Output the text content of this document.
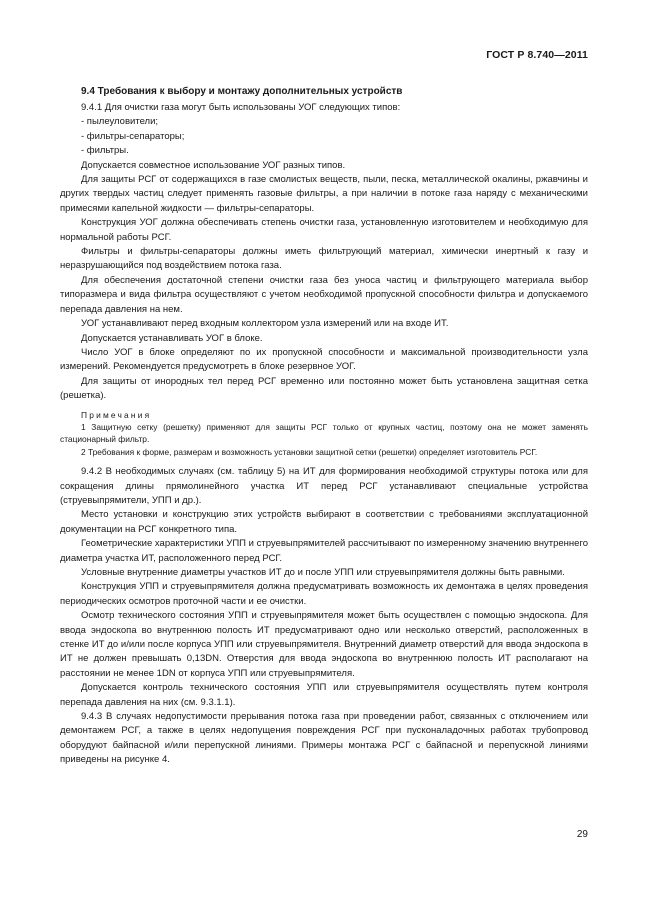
ГОСТ Р 8.740—2011
9.4 Требования к выбору и монтажу дополнительных устройств

9.4.1 Для очистки газа могут быть использованы УОГ следующих типов:

- пылеуловители;

- фильтры-сепараторы;

- фильтры.

Допускается совместное использование УОГ разных типов.

Для защиты РСГ от содержащихся в газе смолистых веществ, пыли, песка, металлической окалины, ржавчины и других твердых частиц следует применять газовые фильтры, а при наличии в потоке газа наряду с механическими примесями капельной жидкости — фильтры-сепараторы.

Конструкция УОГ должна обеспечивать степень очистки газа, установленную изготовителем и необходимую для нормальной работы РСГ.

Фильтры и фильтры-сепараторы должны иметь фильтрующий материал, химически инертный к газу и неразрушающийся под воздействием потока газа.

Для обеспечения достаточной степени очистки газа без уноса частиц и фильтрующего материала выбор типоразмера и вида фильтра осуществляют с учетом необходимой пропускной способности фильтра и допускаемого перепада давления на нем.

УОГ устанавливают перед входным коллектором узла измерений или на входе ИТ.

Допускается устанавливать УОГ в блоке.

Число УОГ в блоке определяют по их пропускной способности и максимальной производительности узла измерений. Рекомендуется предусмотреть в блоке резервное УОГ.

Для защиты от инородных тел перед РСГ временно или постоянно может быть установлена защитная сетка (решетка).

Примечания

1 Защитную сетку (решетку) применяют для защиты РСГ только от крупных частиц, поэтому она не может заменять стационарный фильтр.

2 Требования к форме, размерам и возможность установки защитной сетки (решетки) определяет изготовитель РСГ.

9.4.2 В необходимых случаях (см. таблицу 5) на ИТ для формирования необходимой структуры потока или для сокращения длины прямолинейного участка ИТ перед РСГ устанавливают специальные устройства (струевыпрямители, УПП и др.).

Место установки и конструкцию этих устройств выбирают в соответствии с требованиями эксплуатационной документации на РСГ конкретного типа.

Геометрические характеристики УПП и струевыпрямителей рассчитывают по измеренному значению внутреннего диаметра участка ИТ, расположенного перед РСГ.

Условные внутренние диаметры участков ИТ до и после УПП или струевыпрямителя должны быть равными.

Конструкция УПП и струевыпрямителя должна предусматривать возможность их демонтажа в целях проведения периодических осмотров проточной части и ее очистки.

Осмотр технического состояния УПП и струевыпрямителя может быть осуществлен с помощью эндоскопа. Для ввода эндоскопа во внутреннюю полость ИТ предусматривают одно или несколько отверстий, расположенных в стенке ИТ до и/или после корпуса УПП или струевыпрямителя. Внутренний диаметр отверстий для ввода эндоскопа в ИТ не должен превышать 0,13DN. Отверстия для ввода эндоскопа во внутреннюю полость ИТ располагают на расстоянии не менее 1DN от корпуса УПП или струевыпрямителя.

Допускается контроль технического состояния УПП или струевыпрямителя осуществлять путем контроля перепада давления на них (см. 9.3.1.1).

9.4.3 В случаях недопустимости прерывания потока газа при проведении работ, связанных с отключением или демонтажем РСГ, а также в целях недопущения повреждения РСГ при пусконаладочных работах трубопровод оборудуют байпасной и/или перепускной линиями. Примеры монтажа РСГ с байпасной и перепускной линиями приведены на рисунке 4.

29
